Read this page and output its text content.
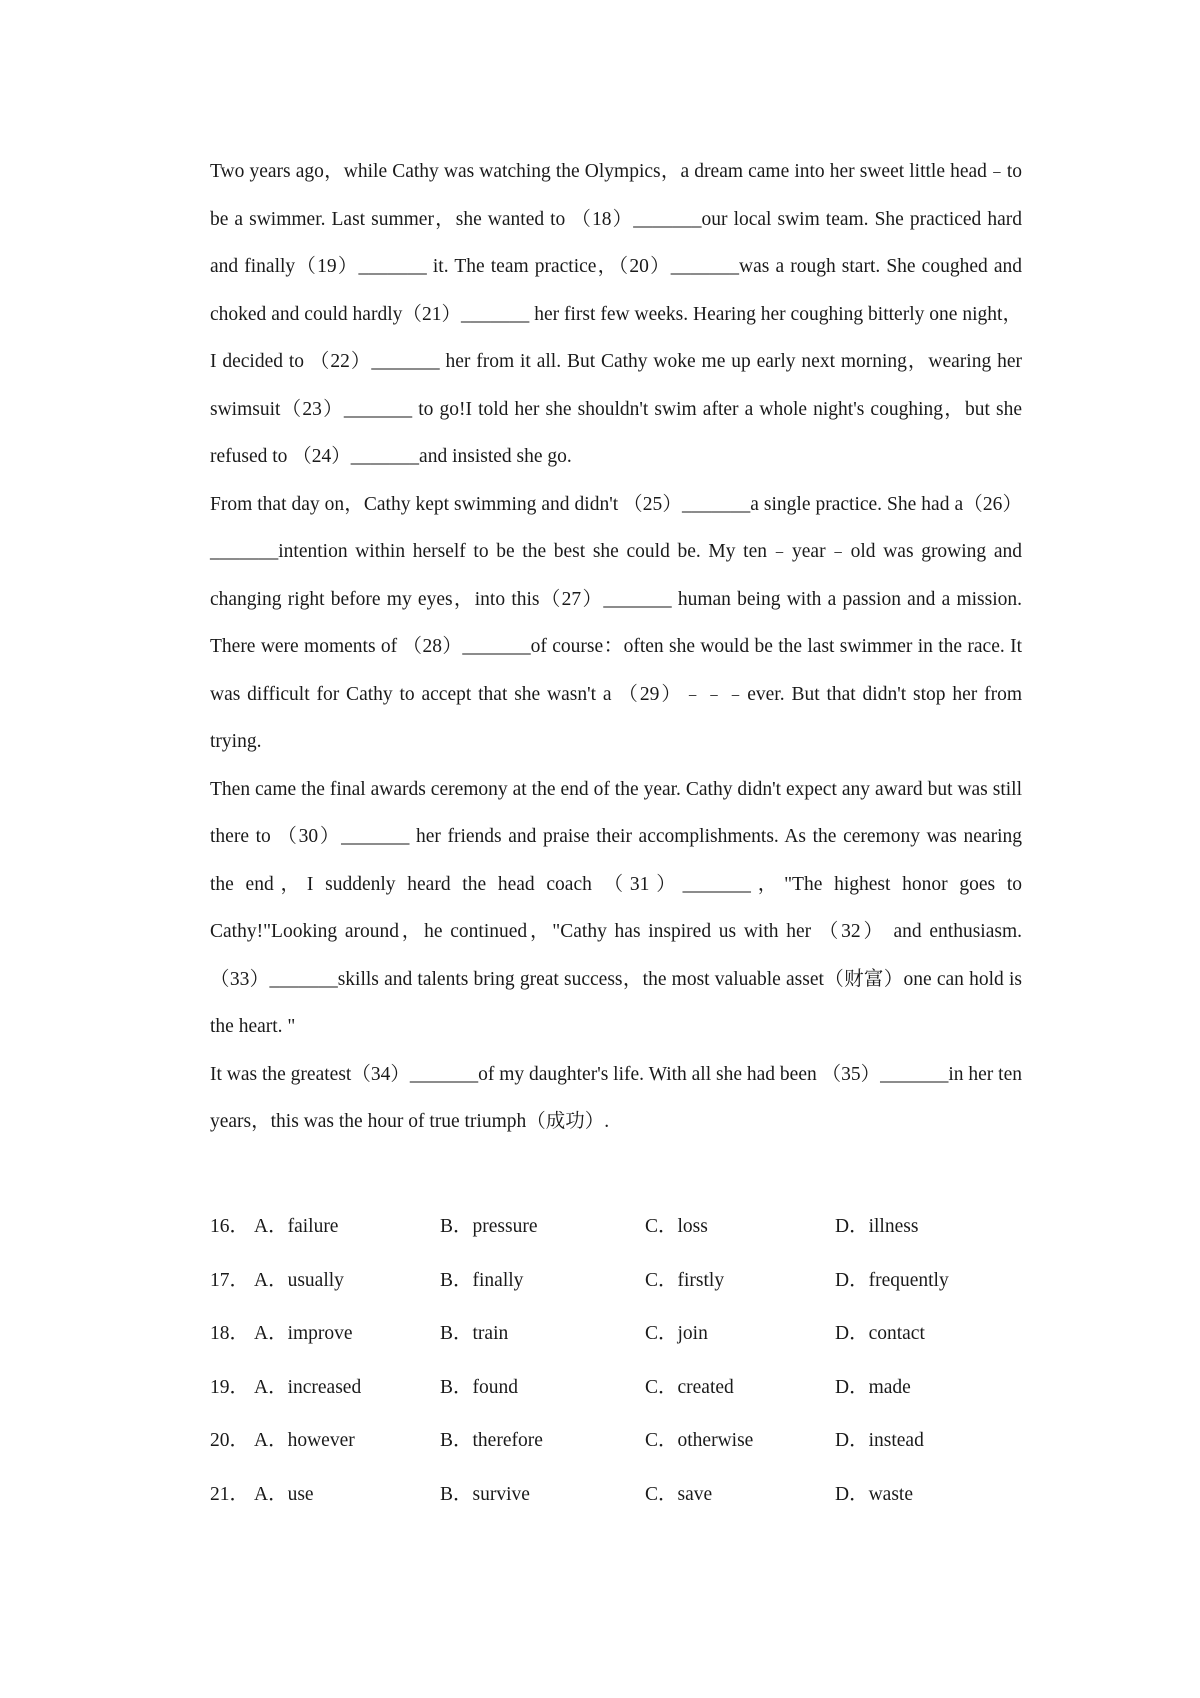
Two years ago，while Cathy was watching the Olympics，a dream came into her sweet little head﹣to be a swimmer. Last summer，she wanted to （18）_______our local swim team. She practiced hard and finally（19）_______ it. The team practice，（20）_______was a rough start. She coughed and choked and could hardly（21）_______ her first few weeks. Hearing her coughing bitterly one night，I decided to （22）_______ her from it all. But Cathy woke me up early next morning，wearing her swimsuit（23）_______ to go!I told her she shouldn't swim after a whole night's coughing，but she refused to （24）_______and insisted she go.

From that day on，Cathy kept swimming and didn't （25）_______a single practice. She had a（26）_______intention within herself to be the best she could be. My ten﹣year﹣old was growing and changing right before my eyes，into this（27）_______ human being with a passion and a mission. There were moments of （28）_______of course：often she would be the last swimmer in the race. It was difficult for Cathy to accept that she wasn't a （29）﹣﹣﹣ever. But that didn't stop her from trying.

Then came the final awards ceremony at the end of the year. Cathy didn't expect any award but was still there to （30）_______ her friends and praise their accomplishments. As the ceremony was nearing the end，I suddenly heard the head coach （31）_______，"The highest honor goes to Cathy!"Looking around，he continued，"Cathy has inspired us with her （32） and enthusiasm.（33）_______skills and talents bring great success，the most valuable asset（财富）one can hold is the heart. "

It was the greatest（34）_______of my daughter's life. With all she had been （35）_______in her ten years，this was the hour of true triumph（成功）.

16． A．failure	B．pressure	C．loss	D．illness
17． A．usually	B．finally	C．firstly	D．frequently
18． A．improve	B．train	C．join	D．contact
19． A．increased	B．found	C．created	D．made
20． A．however	B．therefore	C．otherwise	D．instead
21． A．use	B．survive	C．save	D．waste
